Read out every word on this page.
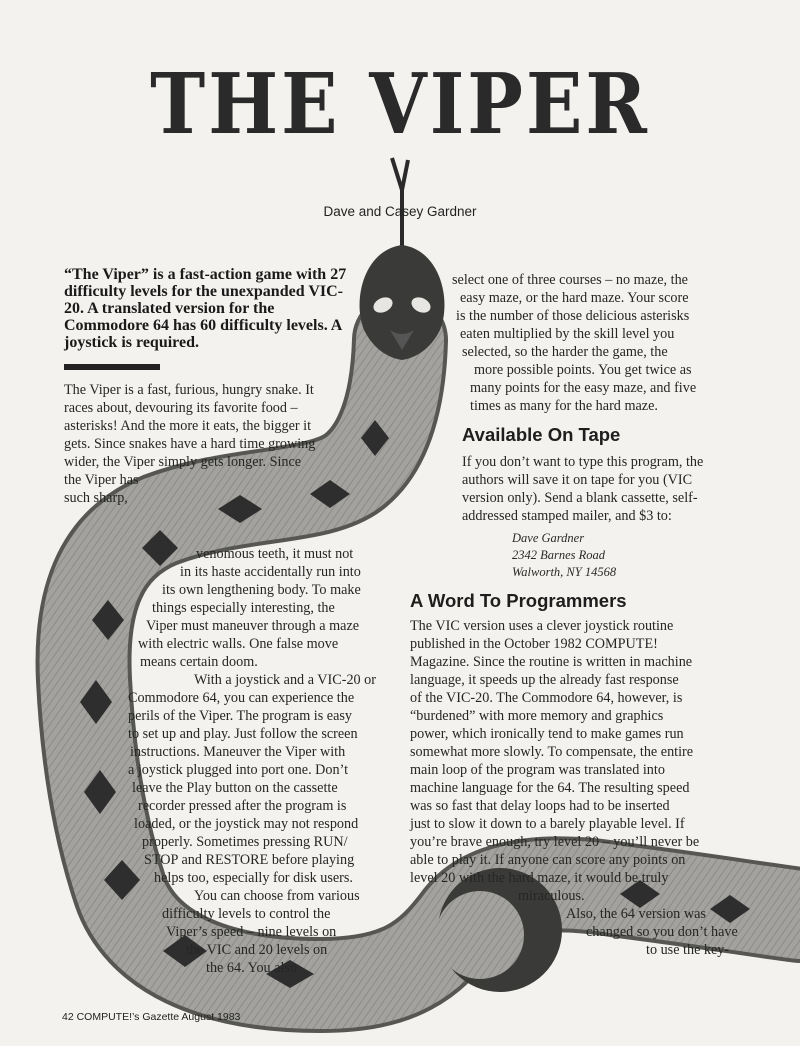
THE VIPER
Dave and Casey Gardner
“The Viper” is a fast-action game with 27 difficulty levels for the unexpanded VIC-20. A translated version for the Commodore 64 has 60 difficulty levels. A joystick is required.
The Viper is a fast, furious, hungry snake. It
races about, devouring its favorite food –
asterisks! And the more it eats, the bigger it
gets. Since snakes have a hard time growing
wider, the Viper simply gets longer. Since
the Viper has
such sharp,
venomous teeth, it must not
in its haste accidentally run into
its own lengthening body. To make
things especially interesting, the
Viper must maneuver through a maze
with electric walls. One false move
means certain doom.
With a joystick and a VIC-20 or
Commodore 64, you can experience the
perils of the Viper. The program is easy
to set up and play. Just follow the screen
instructions. Maneuver the Viper with
a joystick plugged into port one. Don’t
leave the Play button on the cassette
recorder pressed after the program is
loaded, or the joystick may not respond
properly. Sometimes pressing RUN/
STOP and RESTORE before playing
helps too, especially for disk users.
You can choose from various
difficulty levels to control the
Viper’s speed – nine levels on
the VIC and 20 levels on
the 64. You also
select one of three courses – no maze, the
easy maze, or the hard maze. Your score
is the number of those delicious asterisks
eaten multiplied by the skill level you
selected, so the harder the game, the
more possible points. You get twice as
many points for the easy maze, and five
times as many for the hard maze.
Available On Tape
If you don’t want to type this program, the
authors will save it on tape for you (VIC
version only). Send a blank cassette, self-
addressed stamped mailer, and $3 to:
Dave Gardner
2342 Barnes Road
Walworth, NY 14568
A Word To Programmers
The VIC version uses a clever joystick routine
published in the October 1982 COMPUTE!
Magazine. Since the routine is written in machine
language, it speeds up the already fast response
of the VIC-20. The Commodore 64, however, is
“burdened” with more memory and graphics
power, which ironically tend to make games run
somewhat more slowly. To compensate, the entire
main loop of the program was translated into
machine language for the 64. The resulting speed
was so fast that delay loops had to be inserted
just to slow it down to a barely playable level. If
you’re brave enough, try level 20 – you’ll never be
able to play it. If anyone can score any points on
level 20 with the hard maze, it would be truly
miraculous.
Also, the 64 version was
changed so you don’t have
to use the key-
42 COMPUTE!’s Gazette August 1983
